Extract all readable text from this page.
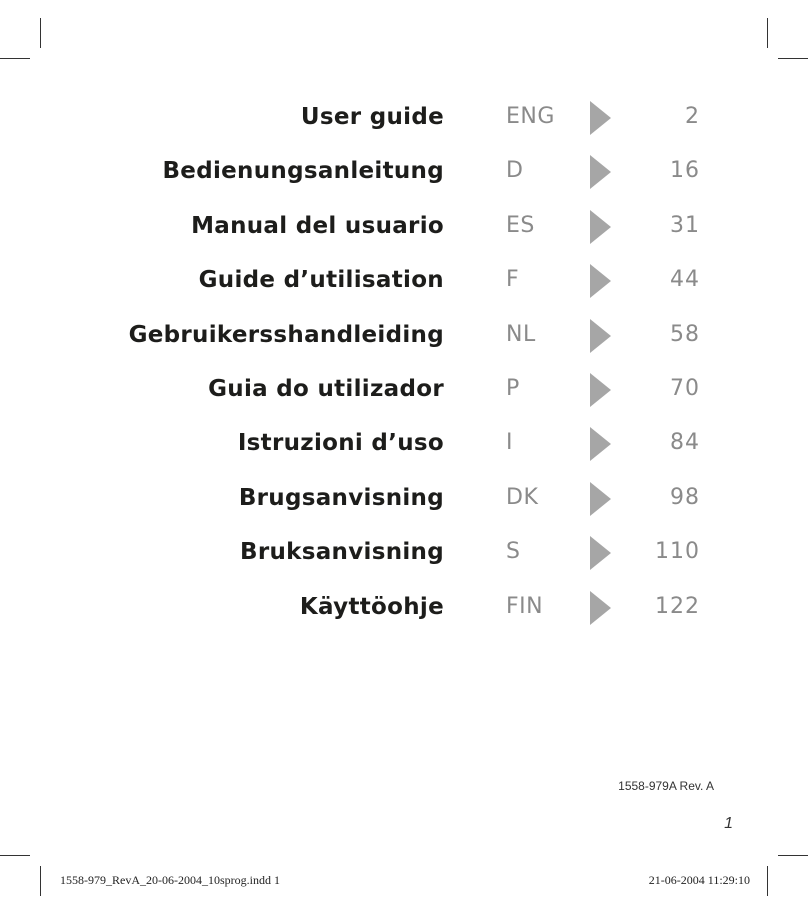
User guide	ENG	2
Bedienungsanleitung	D	16
Manual del usuario	ES	31
Guide d’utilisation	F	44
Gebruikersshandleiding	NL	58
Guia do utilizador	P	70
Istruzioni d’uso	I	84
Brugsanvisning	DK	98
Bruksanvisning	S	110
Käyttöohje	FIN	122
1558-979A Rev. A
1
1558-979_RevA_20-06-2004_10sprog.indd 1	21-06-2004 11:29:10
